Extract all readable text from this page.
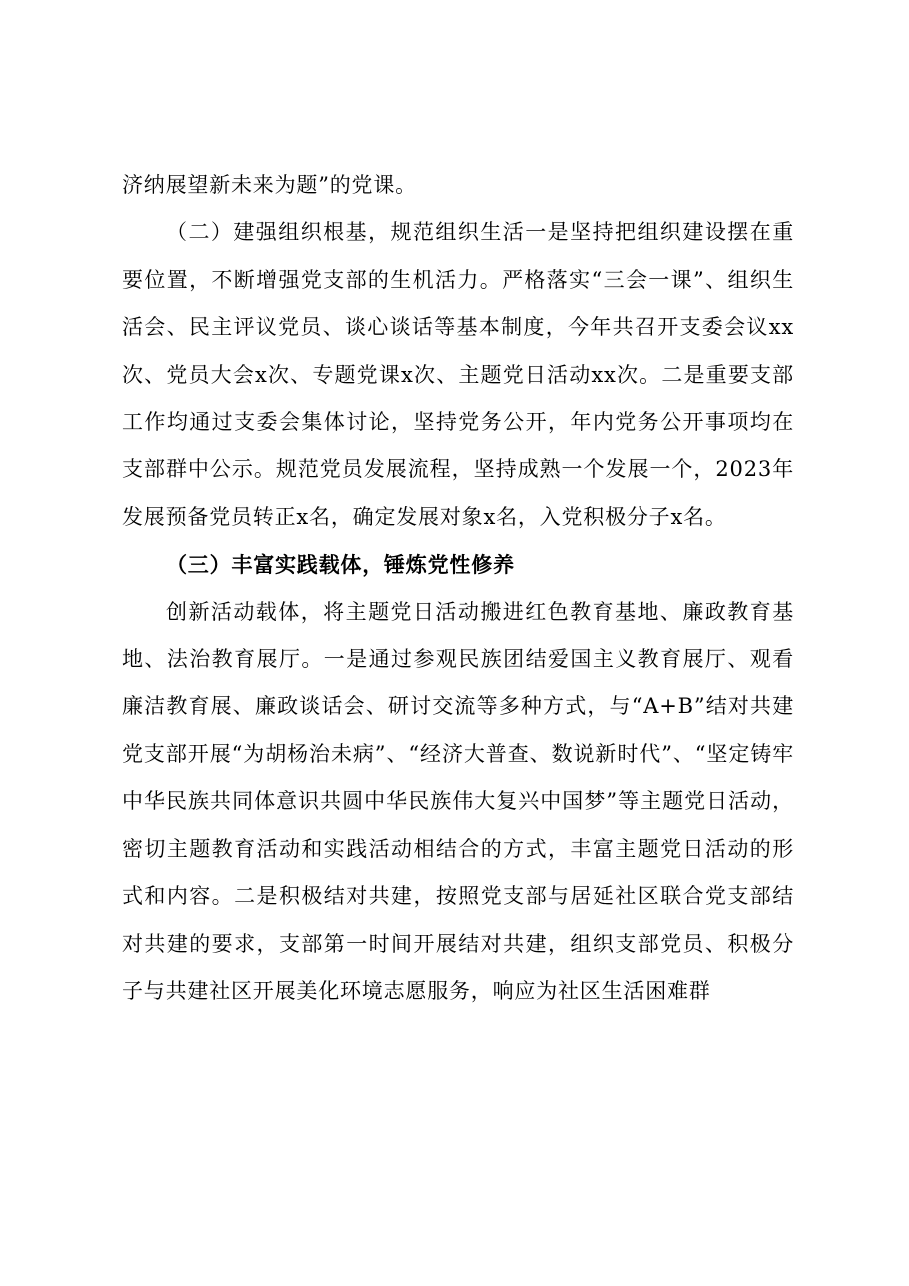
济纳展望新未来为题”的党课。

（二）建强组织根基，规范组织生活一是坚持把组织建设摆在重要位置，不断增强党支部的生机活力。严格落实“三会一课”、组织生活会、民主评议党员、谈心谈话等基本制度，今年共召开支委会议xx次、党员大会x次、专题党课x次、主题党日活动xx次。二是重要支部工作均通过支委会集体讨论，坚持党务公开，年内党务公开事项均在支部群中公示。规范党员发展流程，坚持成熟一个发展一个，2023年发展预备党员转正x名，确定发展对象x名，入党积极分子x名。

（三）丰富实践载体，锤炼党性修养

创新活动载体，将主题党日活动搬进红色教育基地、廉政教育基地、法治教育展厅。一是通过参观民族团结爱国主义教育展厅、观看廉洁教育展、廉政谈话会、研讨交流等多种方式，与“A+B”结对共建党支部开展“为胡杨治未病”、“经济大普查、数说新时代”、“坚定铸牢中华民族共同体意识共圆中华民族伟大复兴中国梦”等主题党日活动，密切主题教育活动和实践活动相结合的方式，丰富主题党日活动的形式和内容。二是积极结对共建，按照党支部与居延社区联合党支部结对共建的要求，支部第一时间开展结对共建，组织支部党员、积极分子与共建社区开展美化环境志愿服务，响应为社区生活困难群
